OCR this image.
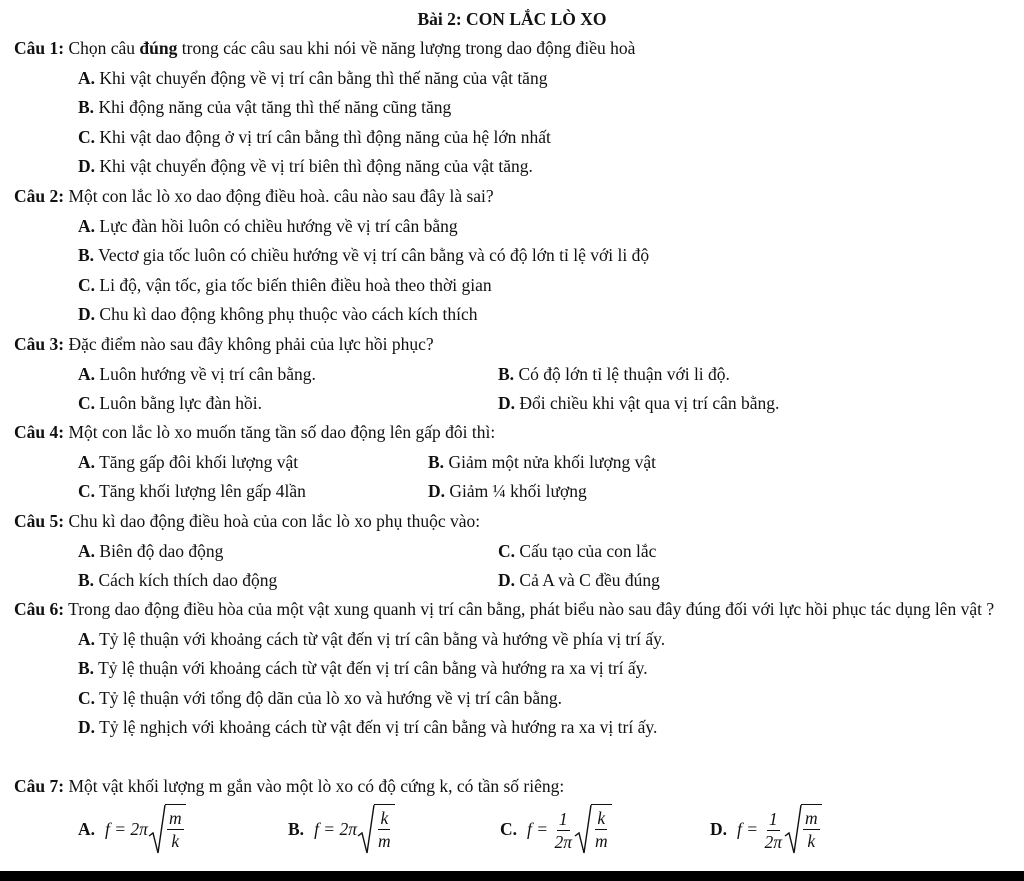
Bài 2: CON LẮC LÒ XO
Câu 1: Chọn câu đúng trong các câu sau khi nói về năng lượng trong dao động điều hoà
A. Khi vật chuyển động về vị trí cân bằng thì thế năng của vật tăng
B. Khi động năng của vật tăng thì thế năng cũng tăng
C. Khi vật dao động ở vị trí cân bằng thì động năng của hệ lớn nhất
D. Khi vật chuyển động về vị trí biên thì động năng của vật tăng.
Câu 2: Một con lắc lò xo dao động điều hoà. câu nào sau đây là sai?
A. Lực đàn hồi luôn có chiều hướng về vị trí cân bằng
B. Vectơ gia tốc luôn có chiều hướng về vị trí cân bằng và có độ lớn tỉ lệ với li độ
C. Li độ, vận tốc, gia tốc biến thiên điều hoà theo thời gian
D. Chu kì dao động không phụ thuộc vào cách kích thích
Câu 3: Đặc điểm nào sau đây không phải của lực hồi phục?
A. Luôn hướng về vị trí cân bằng.	B. Có độ lớn tỉ lệ thuận với li độ.
C. Luôn bằng lực đàn hồi.	D. Đổi chiều khi vật qua vị trí cân bằng.
Câu 4: Một con lắc lò xo muốn tăng tần số dao động lên gấp đôi thì:
A. Tăng gấp đôi khối lượng vật	B. Giảm một nửa khối lượng vật
C. Tăng khối lượng lên gấp 4lần	D. Giảm ¼ khối lượng
Câu 5: Chu kì dao động điều hoà của con lắc lò xo phụ thuộc vào:
A. Biên độ dao động	C. Cấu tạo của con lắc
B. Cách kích thích dao động	D. Cả A và C đều đúng
Câu 6: Trong dao động điều hòa của một vật xung quanh vị trí cân bằng, phát biểu nào sau đây đúng đối với lực hồi phục tác dụng lên vật ?
A. Tỷ lệ thuận với khoảng cách từ vật đến vị trí cân bằng và hướng về phía vị trí ấy.
B. Tỷ lệ thuận với khoảng cách từ vật đến vị trí cân bằng và hướng ra xa vị trí ấy.
C. Tỷ lệ thuận với tổng độ dãn của lò xo và hướng về vị trí cân bằng.
D. Tỷ lệ nghịch với khoảng cách từ vật đến vị trí cân bằng và hướng ra xa vị trí ấy.
Câu 7: Một vật khối lượng m gắn vào một lò xo có độ cứng k, có tần số riêng:
A. $f = 2\pi \frac{m}{k}$	B. $f = 2\pi \frac{k}{m}$	C. f =
$\frac{1}{2\pi} \frac{k}{m}$	D. f =
$\frac{1}{2\pi} \frac{m}{k}$
